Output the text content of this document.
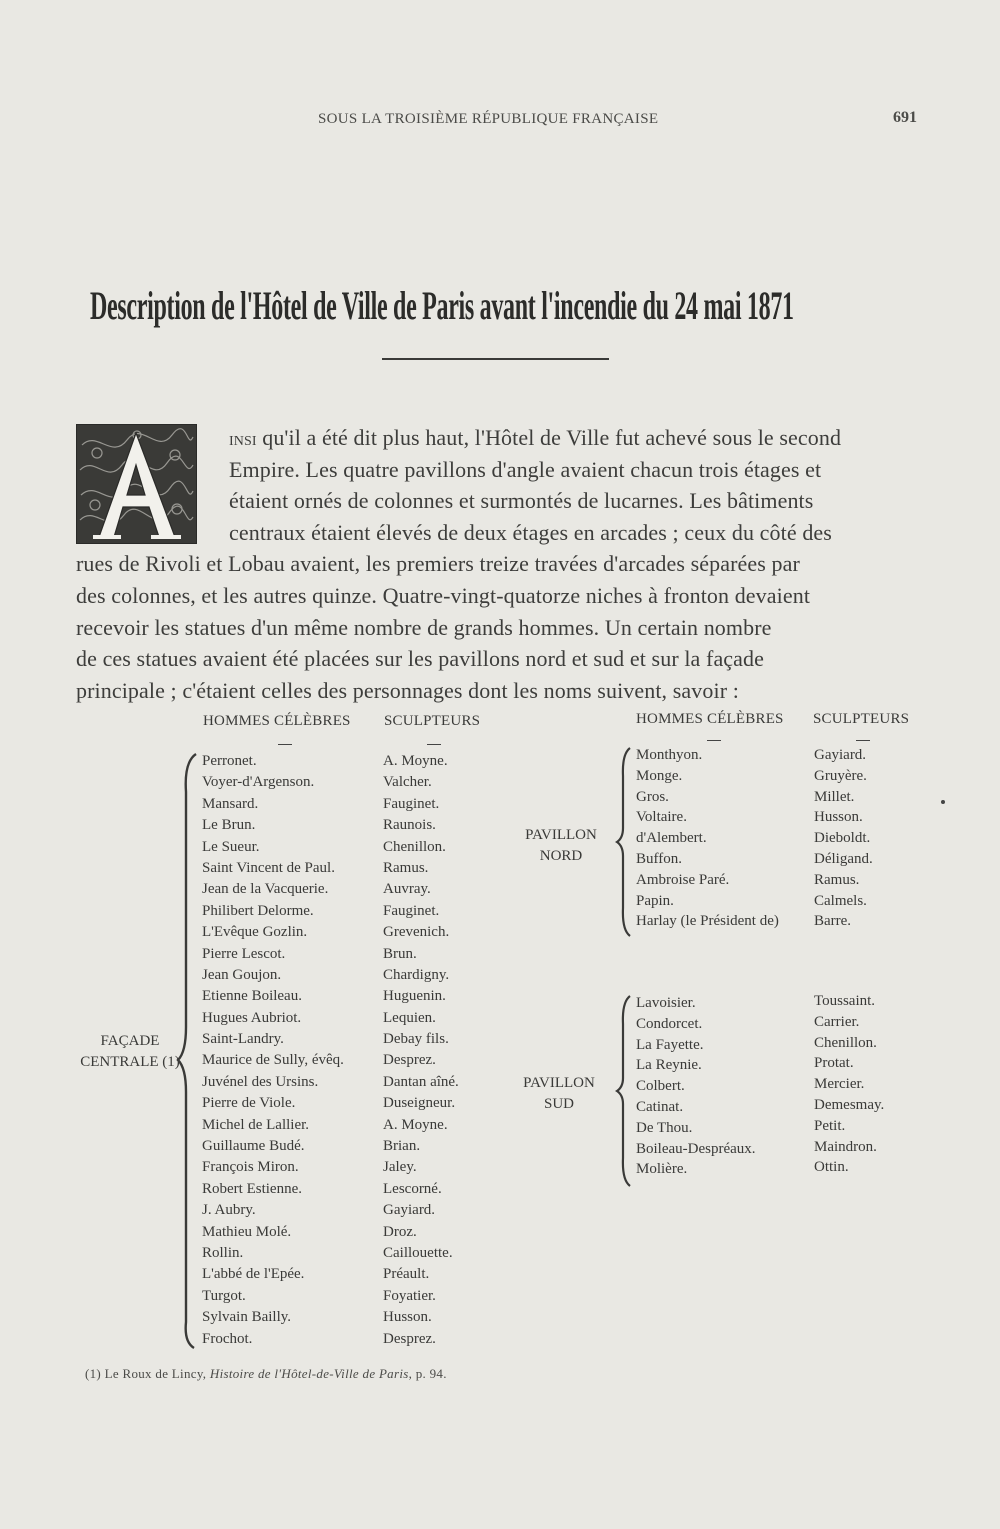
SOUS LA TROISIÈME RÉPUBLIQUE FRANÇAISE	691
Description de l'Hôtel de Ville de Paris avant l'incendie du 24 mai 1871
insi qu'il a été dit plus haut, l'Hôtel de Ville fut achevé sous le second
Empire. Les quatre pavillons d'angle avaient chacun trois étages et
étaient ornés de colonnes et surmontés de lucarnes. Les bâtiments
centraux étaient élevés de deux étages en arcades ; ceux du côté des
rues de Rivoli et Lobau avaient, les premiers treize travées d'arcades séparées par
des colonnes, et les autres quinze. Quatre-vingt-quatorze niches à fronton devaient
recevoir les statues d'un même nombre de grands hommes. Un certain nombre
de ces statues avaient été placées sur les pavillons nord et sud et sur la façade
principale ; c'étaient celles des personnages dont les noms suivent, savoir :
HOMMES CÉLÈBRES SCULPTEURS	HOMMES CÉLÈBRES SCULPTEURS
FAÇADE
CENTRALE (1)
Perronet.
Voyer-d'Argenson.
Mansard.
Le Brun.
Le Sueur.
Saint Vincent de Paul.
Jean de la Vacquerie.
Philibert Delorme.
L'Evêque Gozlin.
Pierre Lescot.
Jean Goujon.
Etienne Boileau.
Hugues Aubriot.
Saint-Landry.
Maurice de Sully, évêq.
Juvénel des Ursins.
Pierre de Viole.
Michel de Lallier.
Guillaume Budé.
François Miron.
Robert Estienne.
J. Aubry.
Mathieu Molé.
Rollin.
L'abbé de l'Epée.
Turgot.
Sylvain Bailly.
Frochot.
A. Moyne.
Valcher.
Fauginet.
Raunois.
Chenillon.
Ramus.
Auvray.
Fauginet.
Grevenich.
Brun.
Chardigny.
Huguenin.
Lequien.
Debay fils.
Desprez.
Dantan aîné.
Duseigneur.
A. Moyne.
Brian.
Jaley.
Lescorné.
Gayiard.
Droz.
Caillouette.
Préault.
Foyatier.
Husson.
Desprez.
PAVILLON
NORD
Monthyon.
Monge.
Gros.
Voltaire.
d'Alembert.
Buffon.
Ambroise Paré.
Papin.
Harlay (le Président de)
Gayiard.
Gruyère.
Millet.
Husson.
Dieboldt.
Déligand.
Ramus.
Calmels.
Barre.
PAVILLON
SUD
Lavoisier.
Condorcet.
La Fayette.
La Reynie.
Colbert.
Catinat.
De Thou.
Boileau-Despréaux.
Molière.
Toussaint.
Carrier.
Chenillon.
Protat.
Mercier.
Demesmay.
Petit.
Maindron.
Ottin.
(1) Le Roux de Lincy, Histoire de l'Hôtel-de-Ville de Paris, p. 94.
